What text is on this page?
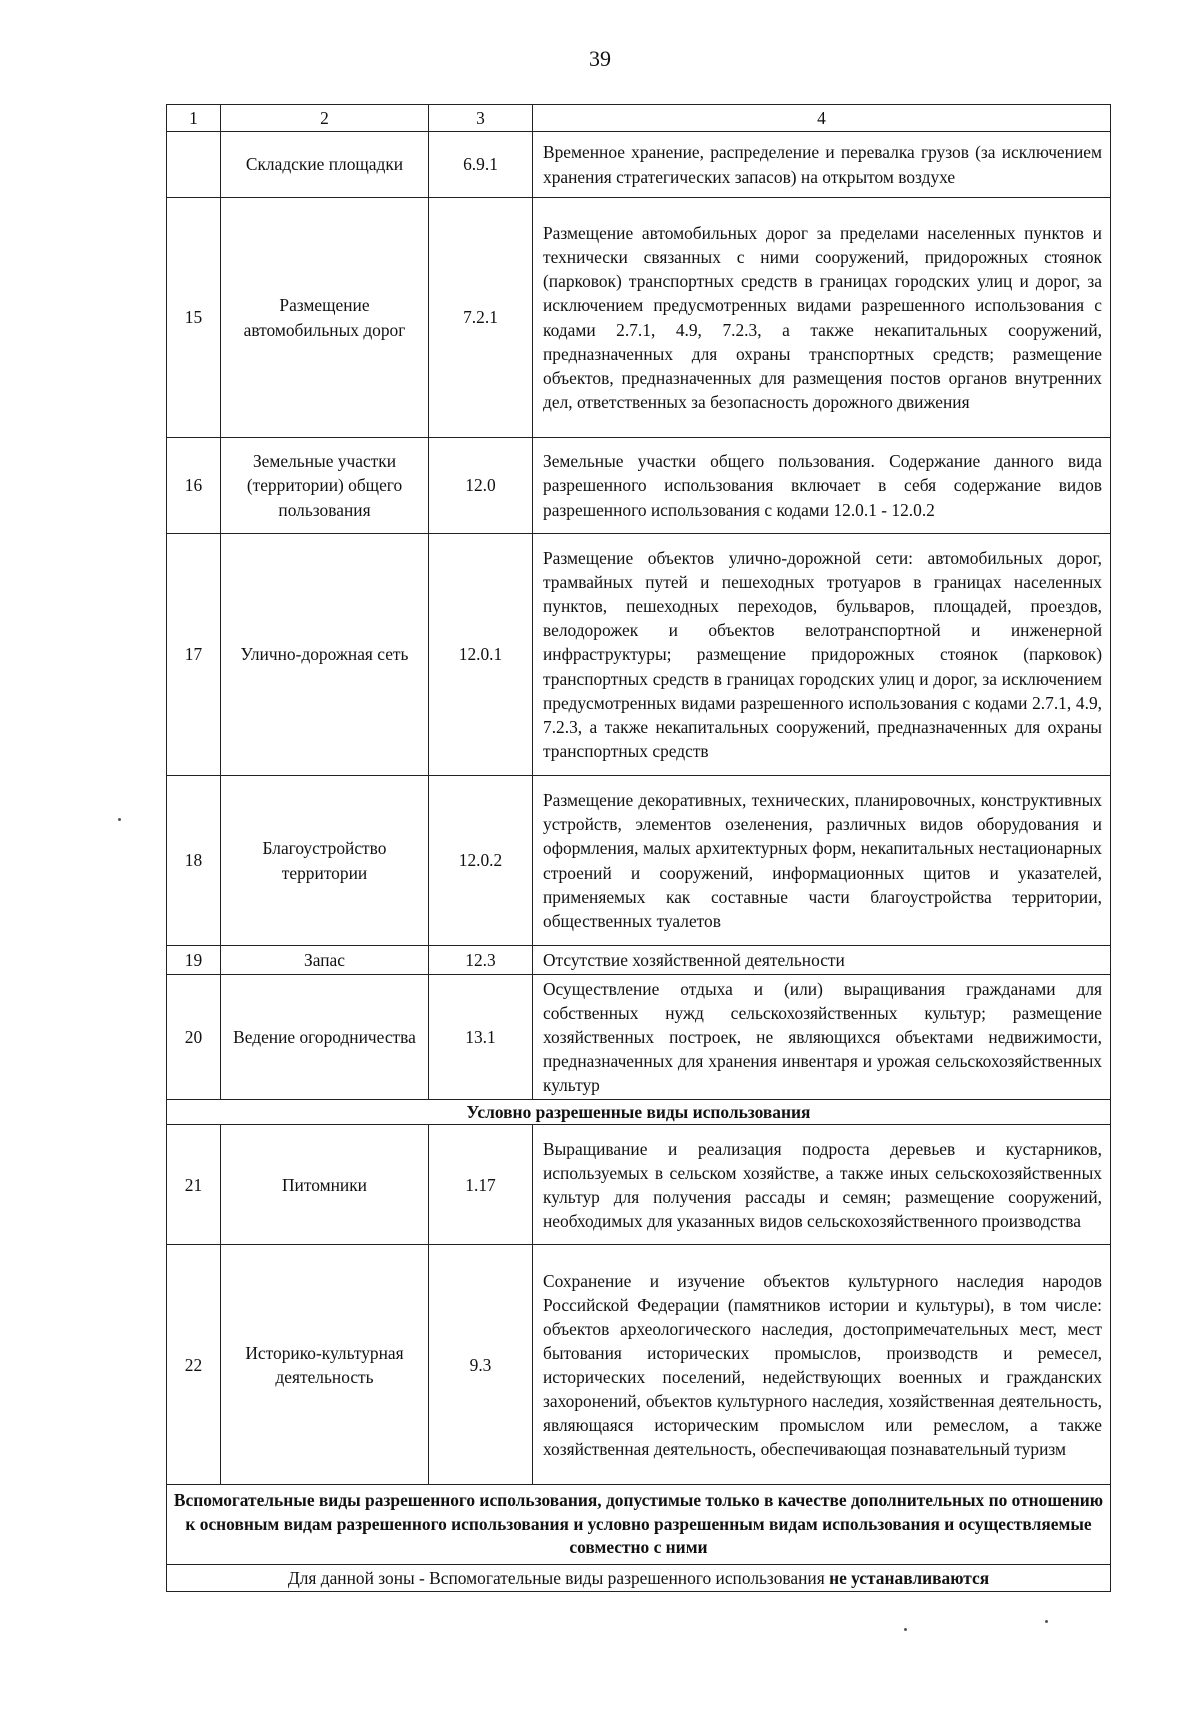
39
1	2	3	4
	Складские площадки	6.9.1	Временное хранение, распределение и перевалка грузов (за исключением хранения стратегических запасов) на открытом воздухе
15	Размещение автомобильных дорог	7.2.1	Размещение автомобильных дорог за пределами населенных пунктов и технически связанных с ними сооружений, придорожных стоянок (парковок) транспортных средств в границах городских улиц и дорог, за исключением предусмотренных видами разрешенного использования с кодами 2.7.1, 4.9, 7.2.3, а также некапитальных сооружений, предназначенных для охраны транспортных средств; размещение объектов, предназначенных для размещения постов органов внутренних дел, ответственных за безопасность дорожного движения
16	Земельные участки (территории) общего пользования	12.0	Земельные участки общего пользования. Содержание данного вида разрешенного использования включает в себя содержание видов разрешенного использования с кодами 12.0.1 - 12.0.2
17	Улично-дорожная сеть	12.0.1	Размещение объектов улично-дорожной сети: автомобильных дорог, трамвайных путей и пешеходных тротуаров в границах населенных пунктов, пешеходных переходов, бульваров, площадей, проездов, велодорожек и объектов велотранспортной и инженерной инфраструктуры; размещение придорожных стоянок (парковок) транспортных средств в границах городских улиц и дорог, за исключением предусмотренных видами разрешенного использования с кодами 2.7.1, 4.9, 7.2.3, а также некапитальных сооружений, предназначенных для охраны транспортных средств
18	Благоустройство территории	12.0.2	Размещение декоративных, технических, планировочных, конструктивных устройств, элементов озеленения, различных видов оборудования и оформления, малых архитектурных форм, некапитальных нестационарных строений и сооружений, информационных щитов и указателей, применяемых как составные части благоустройства территории, общественных туалетов
19	Запас	12.3	Отсутствие хозяйственной деятельности
20	Ведение огородничества	13.1	Осуществление отдыха и (или) выращивания гражданами для собственных нужд сельскохозяйственных культур; размещение хозяйственных построек, не являющихся объектами недвижимости, предназначенных для хранения инвентаря и урожая сельскохозяйственных культур
Условно разрешенные виды использования			
21	Питомники	1.17	Выращивание и реализация подроста деревьев и кустарников, используемых в сельском хозяйстве, а также иных сельскохозяйственных культур для получения рассады и семян; размещение сооружений, необходимых для указанных видов сельскохозяйственного производства
22	Историко-культурная деятельность	9.3	Сохранение и изучение объектов культурного наследия народов Российской Федерации (памятников истории и культуры), в том числе: объектов археологического наследия, достопримечательных мест, мест бытования исторических промыслов, производств и ремесел, исторических поселений, недействующих военных и гражданских захоронений, объектов культурного наследия, хозяйственная деятельность, являющаяся историческим промыслом или ремеслом, а также хозяйственная деятельность, обеспечивающая познавательный туризм
Вспомогательные виды разрешенного использования, допустимые только в качестве дополнительных по отношению к основным видам разрешенного использования и условно разрешенным видам использования и осуществляемые совместно с ними			
Для данной зоны - Вспомогательные виды разрешенного использования не устанавливаются			
